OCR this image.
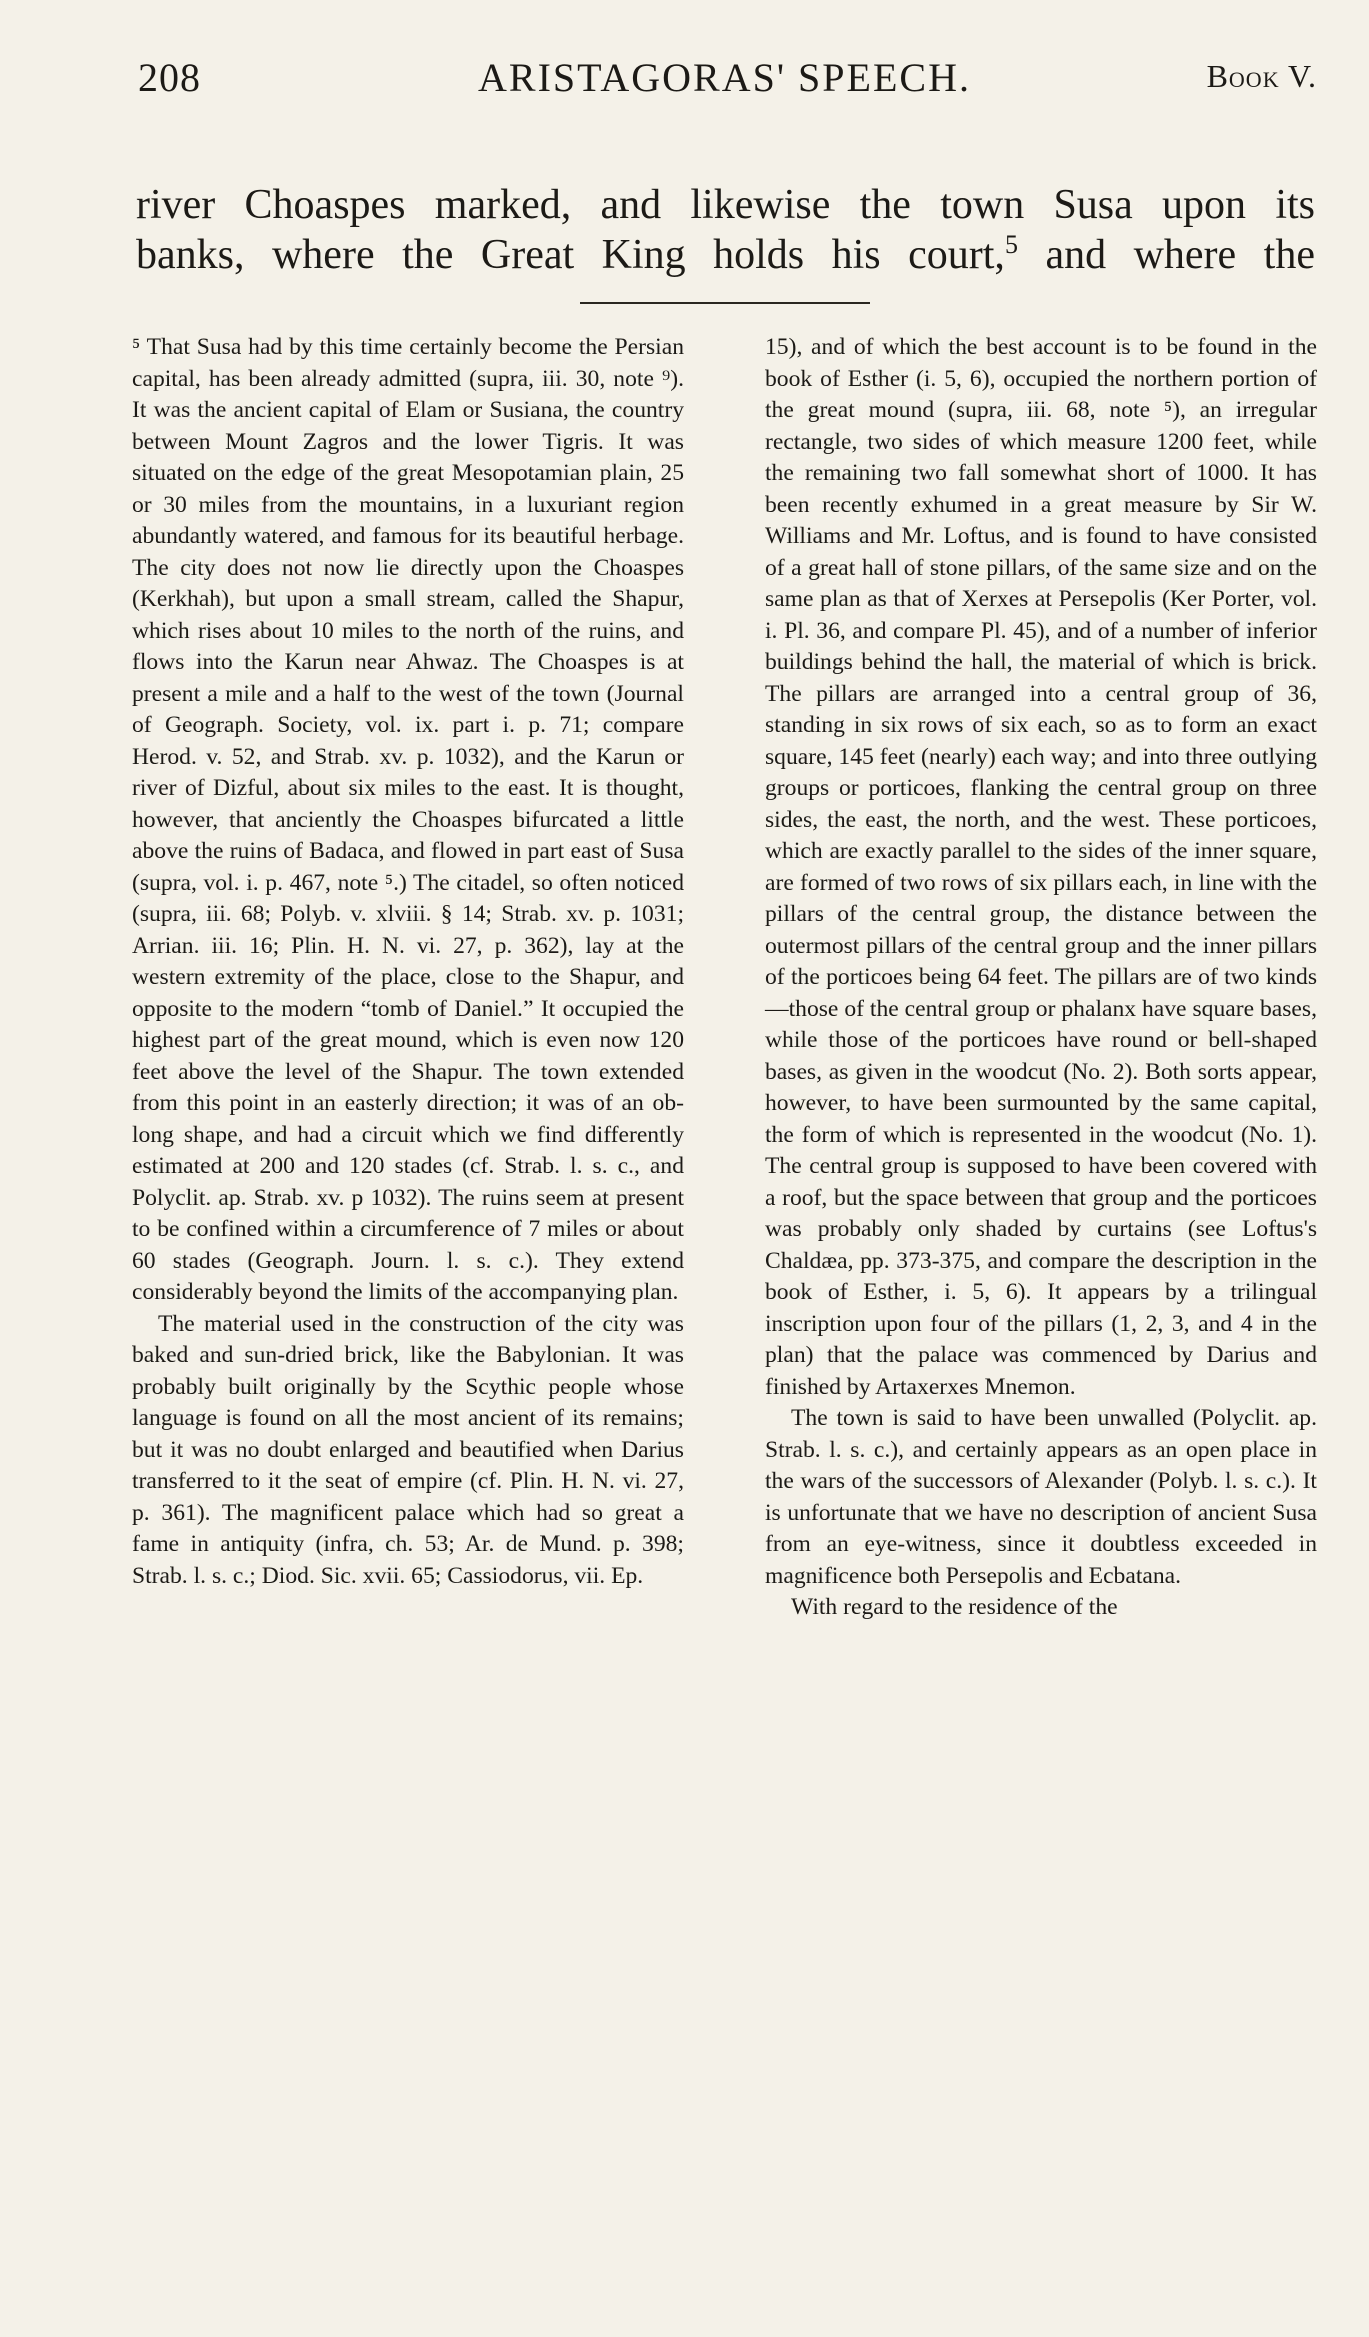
208	ARISTAGORAS' SPEECH.	Book V.
river Choaspes marked, and likewise the town Susa upon its
banks, where the Great King holds his court,$^5$ and where the

⁵ That Susa had by this time certainly become the Persian capital, has been already admitted (supra, iii. 30, note ⁹). It was the ancient capital of Elam or Susiana, the country between Mount Zagros and the lower Tigris. It was situated on the edge of the great Mesopotamian plain, 25 or 30 miles from the mountains, in a luxuriant region abundantly watered, and famous for its beautiful herbage. The city does not now lie directly upon the Choaspes (Kerkhah), but upon a small stream, called the Shapur, which rises about 10 miles to the north of the ruins, and flows into the Karun near Ahwaz. The Choaspes is at present a mile and a half to the west of the town (Journal of Geograph. Society, vol. ix. part i. p. 71; compare Herod. v. 52, and Strab. xv. p. 1032), and the Karun or river of Dizful, about six miles to the east. It is thought, however, that anciently the Choaspes bifurcated a little above the ruins of Badaca, and flowed in part east of Susa (supra, vol. i. p. 467, note ⁵.) The citadel, so often noticed (supra, iii. 68; Polyb. v. xlviii. § 14; Strab. xv. p. 1031; Arrian. iii. 16; Plin. H. N. vi. 27, p. 362), lay at the western extremity of the place, close to the Shapur, and opposite to the modern “tomb of Daniel.” It occupied the highest part of the great mound, which is even now 120 feet above the level of the Shapur. The town extended from this point in an easterly direction; it was of an oblong shape, and had a circuit which we find differently estimated at 200 and 120 stades (cf. Strab. l. s. c., and Polyclit. ap. Strab. xv. p 1032). The ruins seem at present to be confined within a circumference of 7 miles or about 60 stades (Geograph. Journ. l. s. c.). They extend considerably beyond the limits of the accompanying plan.

The material used in the construction of the city was baked and sun-dried brick, like the Babylonian. It was probably built originally by the Scythic people whose language is found on all the most ancient of its remains; but it was no doubt enlarged and beautified when Darius transferred to it the seat of empire (cf. Plin. H. N. vi. 27, p. 361). The magnificent palace which had so great a fame in antiquity (infra, ch. 53; Ar. de Mund. p. 398; Strab. l. s. c.; Diod. Sic. xvii. 65; Cassiodorus, vii. Ep.

15), and of which the best account is to be found in the book of Esther (i. 5, 6), occupied the northern portion of the great mound (supra, iii. 68, note ⁵), an irregular rectangle, two sides of which measure 1200 feet, while the remaining two fall somewhat short of 1000. It has been recently exhumed in a great measure by Sir W. Williams and Mr. Loftus, and is found to have consisted of a great hall of stone pillars, of the same size and on the same plan as that of Xerxes at Persepolis (Ker Porter, vol. i. Pl. 36, and compare Pl. 45), and of a number of inferior buildings behind the hall, the material of which is brick. The pillars are arranged into a central group of 36, standing in six rows of six each, so as to form an exact square, 145 feet (nearly) each way; and into three outlying groups or porticoes, flanking the central group on three sides, the east, the north, and the west. These porticoes, which are exactly parallel to the sides of the inner square, are formed of two rows of six pillars each, in line with the pillars of the central group, the distance between the outermost pillars of the central group and the inner pillars of the porticoes being 64 feet. The pillars are of two kinds—those of the central group or phalanx have square bases, while those of the porticoes have round or bell-shaped bases, as given in the woodcut (No. 2). Both sorts appear, however, to have been surmounted by the same capital, the form of which is represented in the woodcut (No. 1). The central group is supposed to have been covered with a roof, but the space between that group and the porticoes was probably only shaded by curtains (see Loftus's Chaldæa, pp. 373-375, and compare the description in the book of Esther, i. 5, 6). It appears by a trilingual inscription upon four of the pillars (1, 2, 3, and 4 in the plan) that the palace was commenced by Darius and finished by Artaxerxes Mnemon.

The town is said to have been unwalled (Polyclit. ap. Strab. l. s. c.), and certainly appears as an open place in the wars of the successors of Alexander (Polyb. l. s. c.). It is unfortunate that we have no description of ancient Susa from an eye-witness, since it doubtless exceeded in magnificence both Persepolis and Ecbatana.

With regard to the residence of the
